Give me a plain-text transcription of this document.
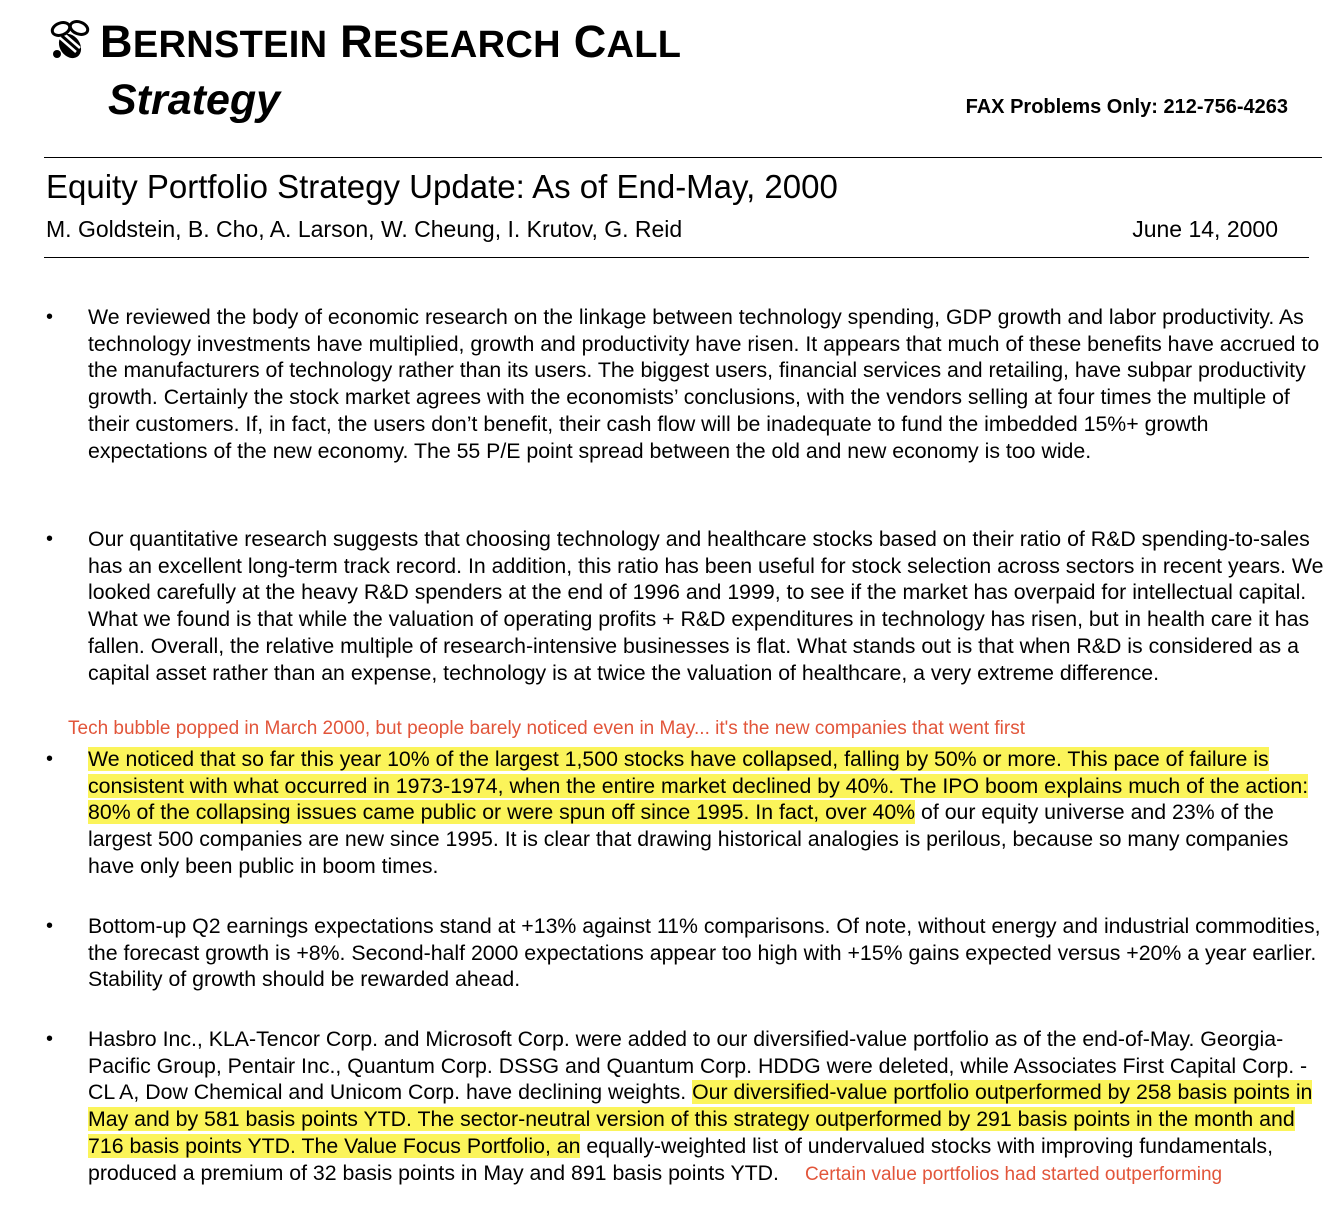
BERNSTEIN RESEARCH CALL
Strategy	FAX Problems Only: 212-756-4263
Equity Portfolio Strategy Update: As of End-May, 2000
M. Goldstein, B. Cho, A. Larson, W. Cheung, I. Krutov, G. Reid	June 14, 2000
• We reviewed the body of economic research on the linkage between technology spending, GDP growth and labor productivity. As technology investments have multiplied, growth and productivity have risen. It appears that much of these benefits have accrued to the manufacturers of technology rather than its users. The biggest users, financial services and retailing, have subpar productivity growth. Certainly the stock market agrees with the economists’ conclusions, with the vendors selling at four times the multiple of their customers. If, in fact, the users don’t benefit, their cash flow will be inadequate to fund the imbedded 15%+ growth expectations of the new economy. The 55 P/E point spread between the old and new economy is too wide.
• Our quantitative research suggests that choosing technology and healthcare stocks based on their ratio of R&D spending-to-sales has an excellent long-term track record. In addition, this ratio has been useful for stock selection across sectors in recent years. We looked carefully at the heavy R&D spenders at the end of 1996 and 1999, to see if the market has overpaid for intellectual capital. What we found is that while the valuation of operating profits + R&D expenditures in technology has risen, but in health care it has fallen. Overall, the relative multiple of research-intensive businesses is flat. What stands out is that when R&D is considered as a capital asset rather than an expense, technology is at twice the valuation of healthcare, a very extreme difference.
Tech bubble popped in March 2000, but people barely noticed even in May... it's the new companies that went first
• We noticed that so far this year 10% of the largest 1,500 stocks have collapsed, falling by 50% or more. This pace of failure is consistent with what occurred in 1973-1974, when the entire market declined by 40%. The IPO boom explains much of the action: 80% of the collapsing issues came public or were spun off since 1995. In fact, over 40% of our equity universe and 23% of the largest 500 companies are new since 1995. It is clear that drawing historical analogies is perilous, because so many companies have only been public in boom times.
• Bottom-up Q2 earnings expectations stand at +13% against 11% comparisons. Of note, without energy and industrial commodities, the forecast growth is +8%. Second-half 2000 expectations appear too high with +15% gains expected versus +20% a year earlier. Stability of growth should be rewarded ahead.
• Hasbro Inc., KLA-Tencor Corp. and Microsoft Corp. were added to our diversified-value portfolio as of the end-of-May. Georgia-Pacific Group, Pentair Inc., Quantum Corp. DSSG and Quantum Corp. HDDG were deleted, while Associates First Capital Corp. - CL A, Dow Chemical and Unicom Corp. have declining weights. Our diversified-value portfolio outperformed by 258 basis points in May and by 581 basis points YTD. The sector-neutral version of this strategy outperformed by 291 basis points in the month and 716 basis points YTD. The Value Focus Portfolio, an equally-weighted list of undervalued stocks with improving fundamentals, produced a premium of 32 basis points in May and 891 basis points YTD. Certain value portfolios had started outperforming
